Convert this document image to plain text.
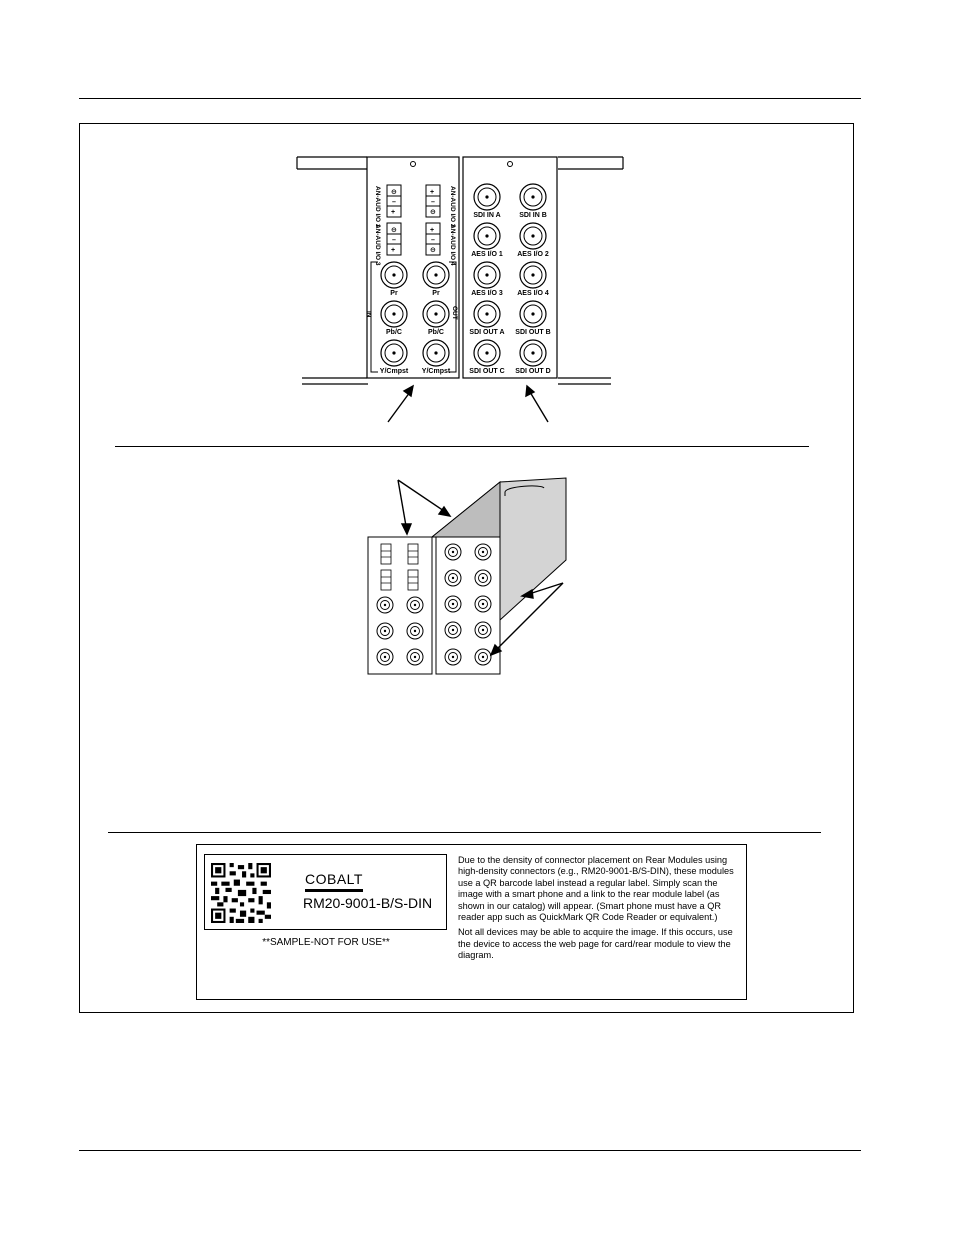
⊖
–
+
+
–
⊖
⊖
–
+
+
–
⊖
AN-AUD I/O 1	AN-AUD I/O 2
AN-AUD I/O 3	AN-AUD I/O 4
IN	OUT
Pr	Pr
Pb/C	Pb/C
Y/Cmpst Y/Cmpst
SDI IN A	SDI IN B
AES I/O 1 AES I/O 2
AES I/O 3 AES I/O 4
SDI OUT A SDI OUT B
SDI OUT C SDI OUT D
COBALT
RM20-9001-B/S-DIN
**SAMPLE-NOT FOR USE**

Due to the density of connector placement on Rear Modules using high-density connectors (e.g., RM20-9001-B/S-DIN), these modules use a QR barcode label instead a regular label. Simply scan the image with a smart phone and a link to the rear module label (as shown in our catalog) will appear. (Smart phone must have a QR reader app such as QuickMark QR Code Reader or equivalent.)

Not all devices may be able to acquire the image. If this occurs, use the device to access the web page for card/rear module to view the diagram.
